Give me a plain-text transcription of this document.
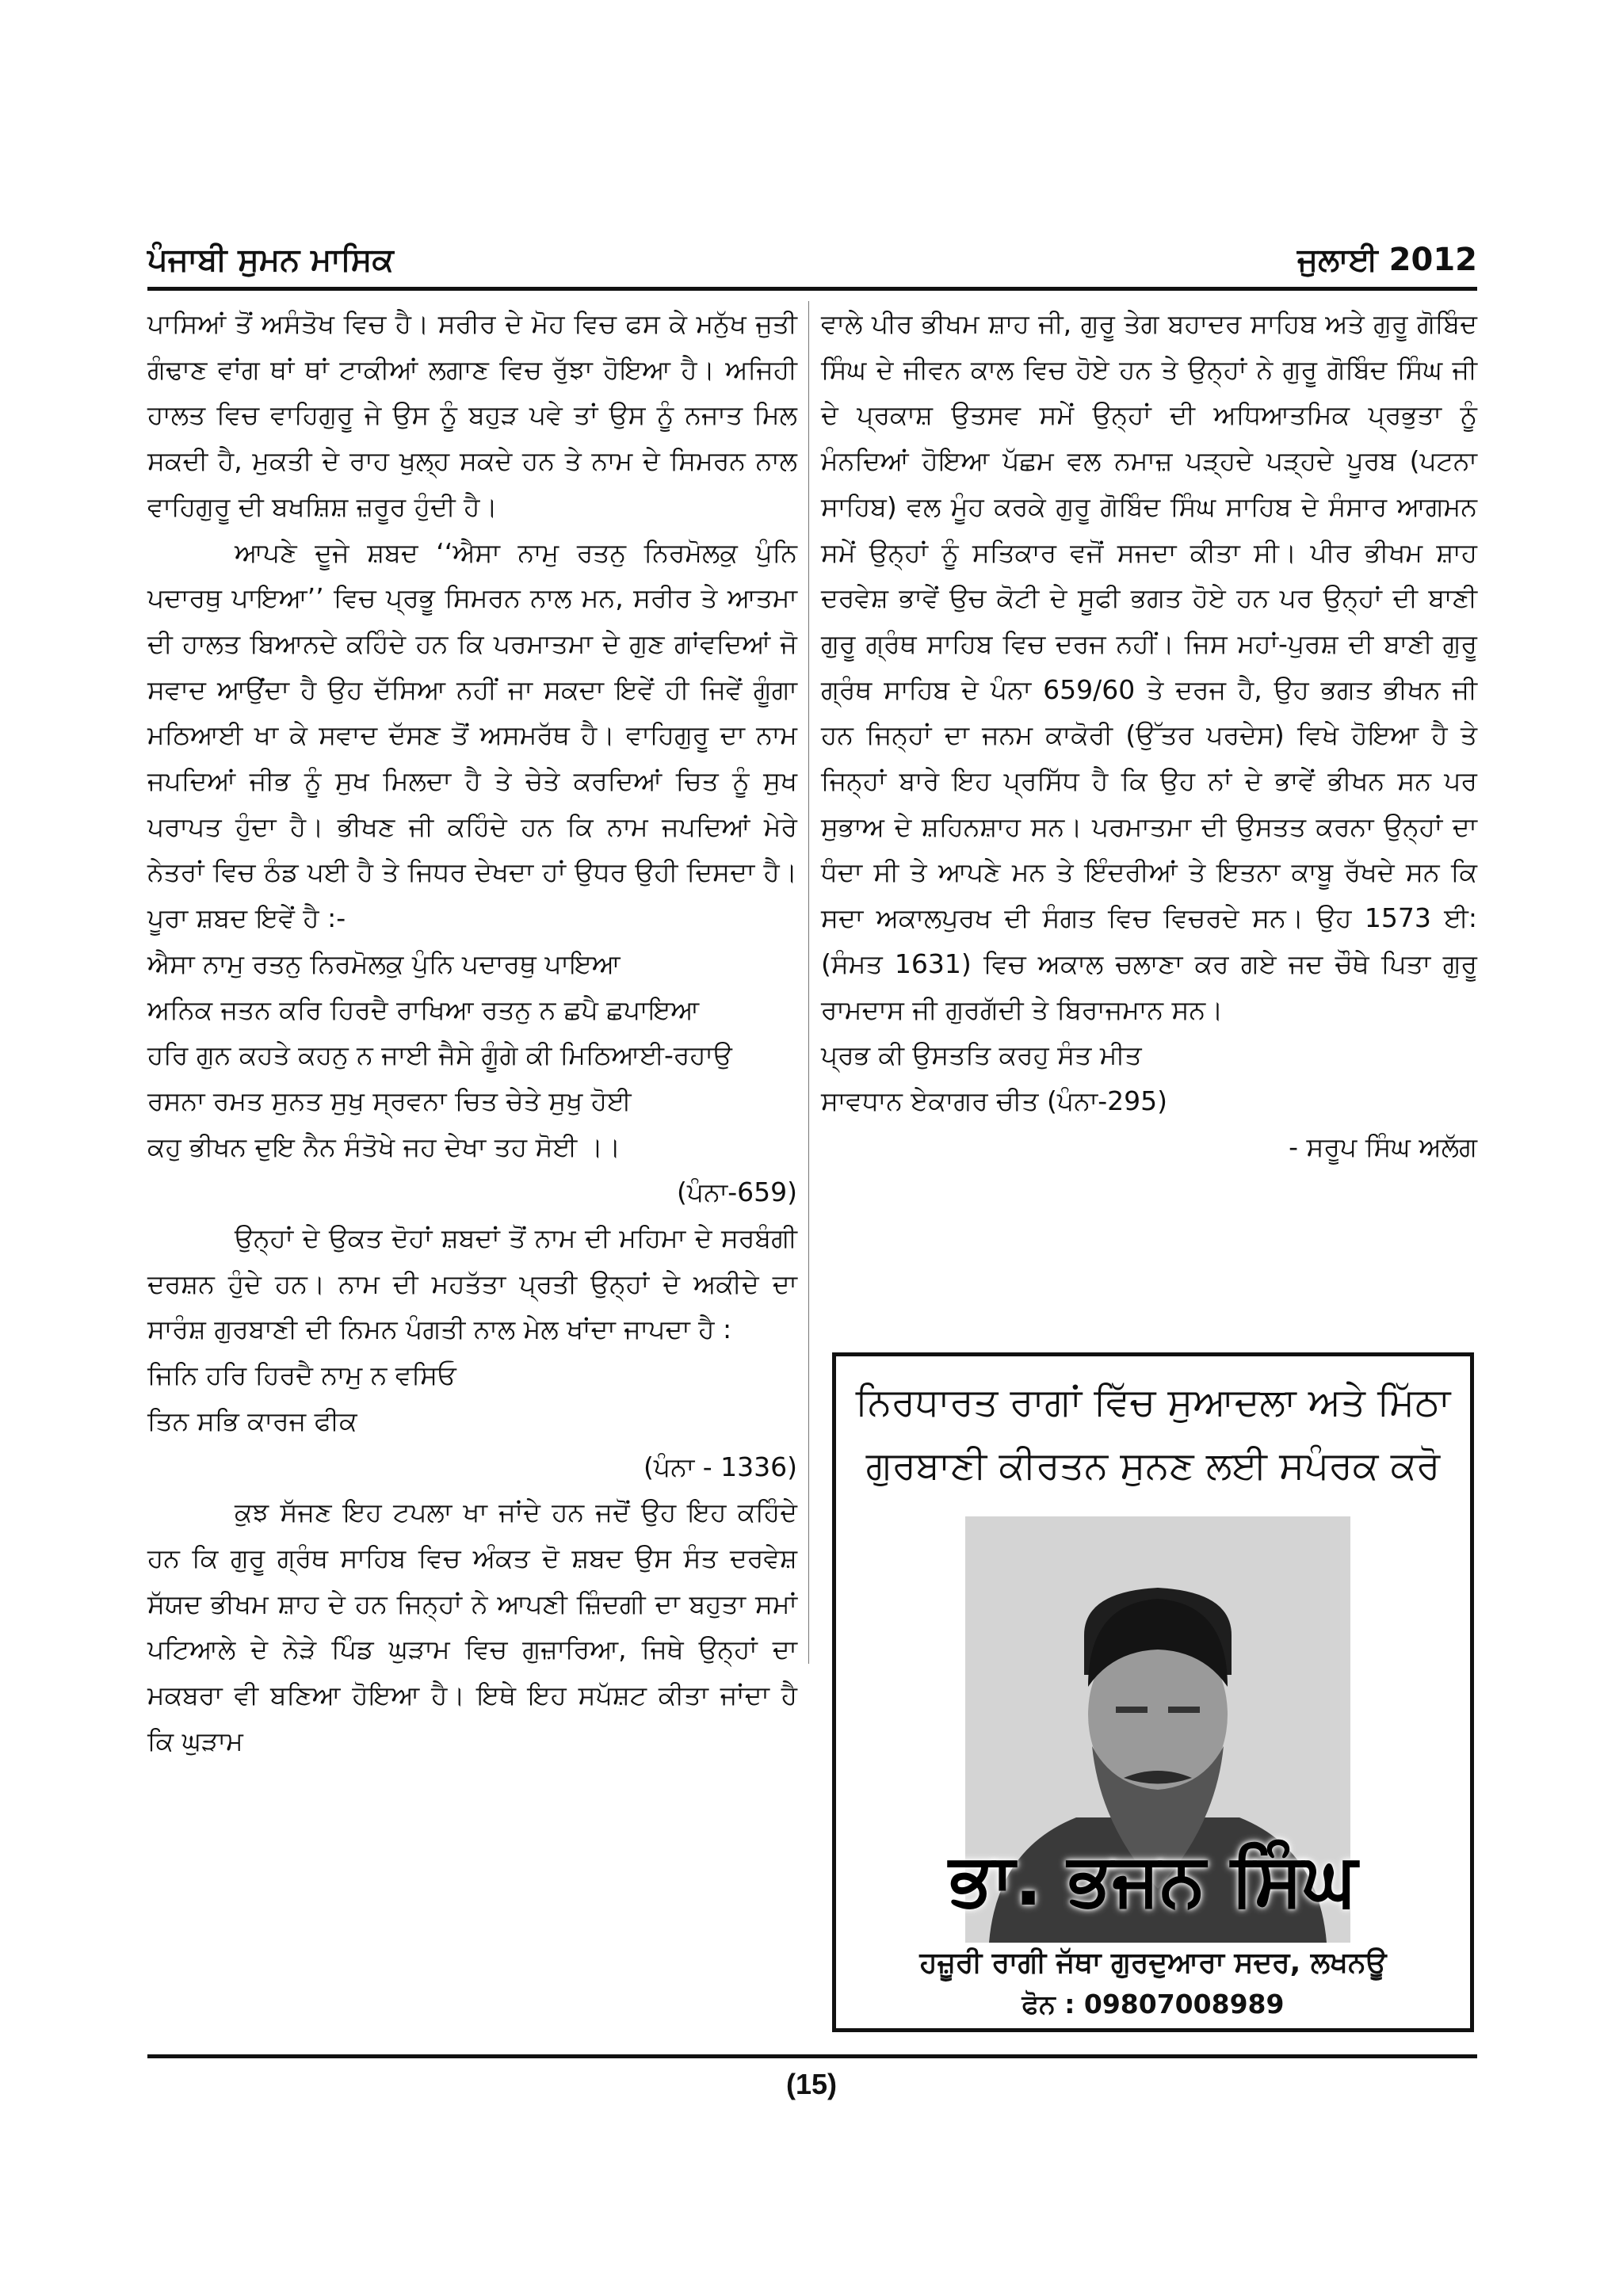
ਪੰਜਾਬੀ ਸੁਮਨ ਮਾਸਿਕ	ਜੁਲਾਈ 2012

ਪਾਸਿਆਂ ਤੋਂ ਅਸੰਤੋਖ ਵਿਚ ਹੈ। ਸਰੀਰ ਦੇ ਮੋਹ ਵਿਚ ਫਸ ਕੇ ਮਨੁੱਖ ਜੁਤੀ ਗੰਢਾਣ ਵਾਂਗ ਥਾਂ ਥਾਂ ਟਾਕੀਆਂ ਲਗਾਣ ਵਿਚ ਰੁੱਝਾ ਹੋਇਆ ਹੈ। ਅਜਿਹੀ ਹਾਲਤ ਵਿਚ ਵਾਹਿਗੁਰੂ ਜੇ ਉਸ ਨੂੰ ਬਹੁੜ ਪਵੇ ਤਾਂ ਉਸ ਨੂੰ ਨਜਾਤ ਮਿਲ ਸਕਦੀ ਹੈ, ਮੁਕਤੀ ਦੇ ਰਾਹ ਖੁਲ੍ਹ ਸਕਦੇ ਹਨ ਤੇ ਨਾਮ ਦੇ ਸਿਮਰਨ ਨਾਲ ਵਾਹਿਗੁਰੂ ਦੀ ਬਖਸ਼ਿਸ਼ ਜ਼ਰੂਰ ਹੁੰਦੀ ਹੈ।

ਆਪਣੇ ਦੂਜੇ ਸ਼ਬਦ ‘‘ਐਸਾ ਨਾਮੁ ਰਤਨੁ ਨਿਰਮੋਲਕੁ ਪੁੰਨਿ ਪਦਾਰਥੁ ਪਾਇਆ’’ ਵਿਚ ਪ੍ਰਭੂ ਸਿਮਰਨ ਨਾਲ ਮਨ, ਸਰੀਰ ਤੇ ਆਤਮਾ ਦੀ ਹਾਲਤ ਬਿਆਨਦੇ ਕਹਿੰਦੇ ਹਨ ਕਿ ਪਰਮਾਤਮਾ ਦੇ ਗੁਣ ਗਾਂਵਦਿਆਂ ਜੋ ਸਵਾਦ ਆਉਂਦਾ ਹੈ ਉਹ ਦੱਸਿਆ ਨਹੀਂ ਜਾ ਸਕਦਾ ਇਵੇਂ ਹੀ ਜਿਵੇਂ ਗੂੰਗਾ ਮਠਿਆਈ ਖਾ ਕੇ ਸਵਾਦ ਦੱਸਣ ਤੋਂ ਅਸਮਰੱਥ ਹੈ। ਵਾਹਿਗੁਰੂ ਦਾ ਨਾਮ ਜਪਦਿਆਂ ਜੀਭ ਨੂੰ ਸੁਖ ਮਿਲਦਾ ਹੈ ਤੇ ਚੇਤੇ ਕਰਦਿਆਂ ਚਿਤ ਨੂੰ ਸੁਖ ਪਰਾਪਤ ਹੁੰਦਾ ਹੈ। ਭੀਖਣ ਜੀ ਕਹਿੰਦੇ ਹਨ ਕਿ ਨਾਮ ਜਪਦਿਆਂ ਮੇਰੇ ਨੇਤਰਾਂ ਵਿਚ ਠੰਡ ਪਈ ਹੈ ਤੇ ਜਿਧਰ ਦੇਖਦਾ ਹਾਂ ਉਧਰ ਉਹੀ ਦਿਸਦਾ ਹੈ। ਪੂਰਾ ਸ਼ਬਦ ਇਵੇਂ ਹੈ :-

ਐਸਾ ਨਾਮੁ ਰਤਨੁ ਨਿਰਮੋਲਕੁ ਪੁੰਨਿ ਪਦਾਰਥੁ ਪਾਇਆ

ਅਨਿਕ ਜਤਨ ਕਰਿ ਹਿਰਦੈ ਰਾਖਿਆ ਰਤਨੁ ਨ ਛਪੈ ਛਪਾਇਆ

ਹਰਿ ਗੁਨ ਕਹਤੇ ਕਹਨੁ ਨ ਜਾਈ ਜੈਸੇ ਗੂੰਗੇ ਕੀ ਮਿਠਿਆਈ-ਰਹਾਉ

ਰਸਨਾ ਰਮਤ ਸੁਨਤ ਸੁਖੁ ਸ੍ਰਵਨਾ ਚਿਤ ਚੇਤੇ ਸੁਖੁ ਹੋਈ

ਕਹੁ ਭੀਖਨ ਦੁਇ ਨੈਨ ਸੰਤੋਖੇ ਜਹ ਦੇਖਾ ਤਹ ਸੋਈ ।।

(ਪੰਨਾ-659)

ਉਨ੍ਹਾਂ ਦੇ ਉਕਤ ਦੋਹਾਂ ਸ਼ਬਦਾਂ ਤੋਂ ਨਾਮ ਦੀ ਮਹਿਮਾ ਦੇ ਸਰਬੰਗੀ ਦਰਸ਼ਨ ਹੁੰਦੇ ਹਨ। ਨਾਮ ਦੀ ਮਹਤੱਤਾ ਪ੍ਰਤੀ ਉਨ੍ਹਾਂ ਦੇ ਅਕੀਦੇ ਦਾ ਸਾਰੰਸ਼ ਗੁਰਬਾਣੀ ਦੀ ਨਿਮਨ ਪੰਗਤੀ ਨਾਲ ਮੇਲ ਖਾਂਦਾ ਜਾਪਦਾ ਹੈ :

ਜਿਨਿ ਹਰਿ ਹਿਰਦੈ ਨਾਮੁ ਨ ਵਸਿਓ

ਤਿਨ ਸਭਿ ਕਾਰਜ ਫੀਕ

(ਪੰਨਾ - 1336)

ਕੁਝ ਸੱਜਣ ਇਹ ਟਪਲਾ ਖਾ ਜਾਂਦੇ ਹਨ ਜਦੋਂ ਉਹ ਇਹ ਕਹਿੰਦੇ ਹਨ ਕਿ ਗੁਰੂ ਗ੍ਰੰਥ ਸਾਹਿਬ ਵਿਚ ਅੰਕਤ ਦੋ ਸ਼ਬਦ ਉਸ ਸੰਤ ਦਰਵੇਸ਼ ਸੱਯਦ ਭੀਖਮ ਸ਼ਾਹ ਦੇ ਹਨ ਜਿਨ੍ਹਾਂ ਨੇ ਆਪਣੀ ਜ਼ਿੰਦਗੀ ਦਾ ਬਹੁਤਾ ਸਮਾਂ ਪਟਿਆਲੇ ਦੇ ਨੇੜੇ ਪਿੰਡ ਘੁੜਾਮ ਵਿਚ ਗੁਜ਼ਾਰਿਆ, ਜਿਥੇ ਉਨ੍ਹਾਂ ਦਾ ਮਕਬਰਾ ਵੀ ਬਣਿਆ ਹੋਇਆ ਹੈ। ਇਥੇ ਇਹ ਸਪੱਸ਼ਟ ਕੀਤਾ ਜਾਂਦਾ ਹੈ ਕਿ ਘੁੜਾਮ

ਵਾਲੇ ਪੀਰ ਭੀਖਮ ਸ਼ਾਹ ਜੀ, ਗੁਰੂ ਤੇਗ ਬਹਾਦਰ ਸਾਹਿਬ ਅਤੇ ਗੁਰੂ ਗੋਬਿੰਦ ਸਿੰਘ ਦੇ ਜੀਵਨ ਕਾਲ ਵਿਚ ਹੋਏ ਹਨ ਤੇ ਉਨ੍ਹਾਂ ਨੇ ਗੁਰੂ ਗੋਬਿੰਦ ਸਿੰਘ ਜੀ ਦੇ ਪ੍ਰਕਾਸ਼ ਉਤਸਵ ਸਮੇਂ ਉਨ੍ਹਾਂ ਦੀ ਅਧਿਆਤਮਿਕ ਪ੍ਰਭੁਤਾ ਨੂੰ ਮੰਨਦਿਆਂ ਹੋਇਆ ਪੱਛਮ ਵਲ ਨਮਾਜ਼ ਪੜ੍ਹਦੇ ਪੜ੍ਹਦੇ ਪੂਰਬ (ਪਟਨਾ ਸਾਹਿਬ) ਵਲ ਮੂੰਹ ਕਰਕੇ ਗੁਰੂ ਗੋਬਿੰਦ ਸਿੰਘ ਸਾਹਿਬ ਦੇ ਸੰਸਾਰ ਆਗਮਨ ਸਮੇਂ ਉਨ੍ਹਾਂ ਨੂੰ ਸਤਿਕਾਰ ਵਜੋਂ ਸਜਦਾ ਕੀਤਾ ਸੀ। ਪੀਰ ਭੀਖਮ ਸ਼ਾਹ ਦਰਵੇਸ਼ ਭਾਵੇਂ ਉਚ ਕੋਟੀ ਦੇ ਸੂਫੀ ਭਗਤ ਹੋਏ ਹਨ ਪਰ ਉਨ੍ਹਾਂ ਦੀ ਬਾਣੀ ਗੁਰੂ ਗ੍ਰੰਥ ਸਾਹਿਬ ਵਿਚ ਦਰਜ ਨਹੀਂ। ਜਿਸ ਮਹਾਂ-ਪੁਰਸ਼ ਦੀ ਬਾਣੀ ਗੁਰੂ ਗ੍ਰੰਥ ਸਾਹਿਬ ਦੇ ਪੰਨਾ 659/60 ਤੇ ਦਰਜ ਹੈ, ਉਹ ਭਗਤ ਭੀਖਨ ਜੀ ਹਨ ਜਿਨ੍ਹਾਂ ਦਾ ਜਨਮ ਕਾਕੋਰੀ (ਉੱਤਰ ਪਰਦੇਸ) ਵਿਖੇ ਹੋਇਆ ਹੈ ਤੇ ਜਿਨ੍ਹਾਂ ਬਾਰੇ ਇਹ ਪ੍ਰਸਿੱਧ ਹੈ ਕਿ ਉਹ ਨਾਂ ਦੇ ਭਾਵੇਂ ਭੀਖਨ ਸਨ ਪਰ ਸੁਭਾਅ ਦੇ ਸ਼ਹਿਨਸ਼ਾਹ ਸਨ। ਪਰਮਾਤਮਾ ਦੀ ਉਸਤਤ ਕਰਨਾ ਉਨ੍ਹਾਂ ਦਾ ਧੰਦਾ ਸੀ ਤੇ ਆਪਣੇ ਮਨ ਤੇ ਇੰਦਰੀਆਂ ਤੇ ਇਤਨਾ ਕਾਬੂ ਰੱਖਦੇ ਸਨ ਕਿ ਸਦਾ ਅਕਾਲਪੁਰਖ ਦੀ ਸੰਗਤ ਵਿਚ ਵਿਚਰਦੇ ਸਨ। ਉਹ 1573 ਈ: (ਸੰਮਤ 1631) ਵਿਚ ਅਕਾਲ ਚਲਾਣਾ ਕਰ ਗਏ ਜਦ ਚੌਥੇ ਪਿਤਾ ਗੁਰੂ ਰਾਮਦਾਸ ਜੀ ਗੁਰਗੱਦੀ ਤੇ ਬਿਰਾਜਮਾਨ ਸਨ।

ਪ੍ਰਭ ਕੀ ਉਸਤਤਿ ਕਰਹੁ ਸੰਤ ਮੀਤ

ਸਾਵਧਾਨ ਏਕਾਗਰ ਚੀਤ (ਪੰਨਾ-295)

- ਸਰੂਪ ਸਿੰਘ ਅਲੱਗ

ਨਿਰਧਾਰਤ ਰਾਗਾਂ ਵਿੱਚ ਸੁਆਦਲਾ ਅਤੇ ਮਿੱਠਾ
ਗੁਰਬਾਣੀ ਕੀਰਤਨ ਸੁਨਣ ਲਈ ਸਪੰਰਕ ਕਰੋ
ਭਾ. ਭਜਨ ਸਿੰਘ
ਹਜ਼ੂਰੀ ਰਾਗੀ ਜੱਥਾ ਗੁਰਦੁਆਰਾ ਸਦਰ, ਲਖਨਊ
ਫੋਨ : 09807008989
(15)
